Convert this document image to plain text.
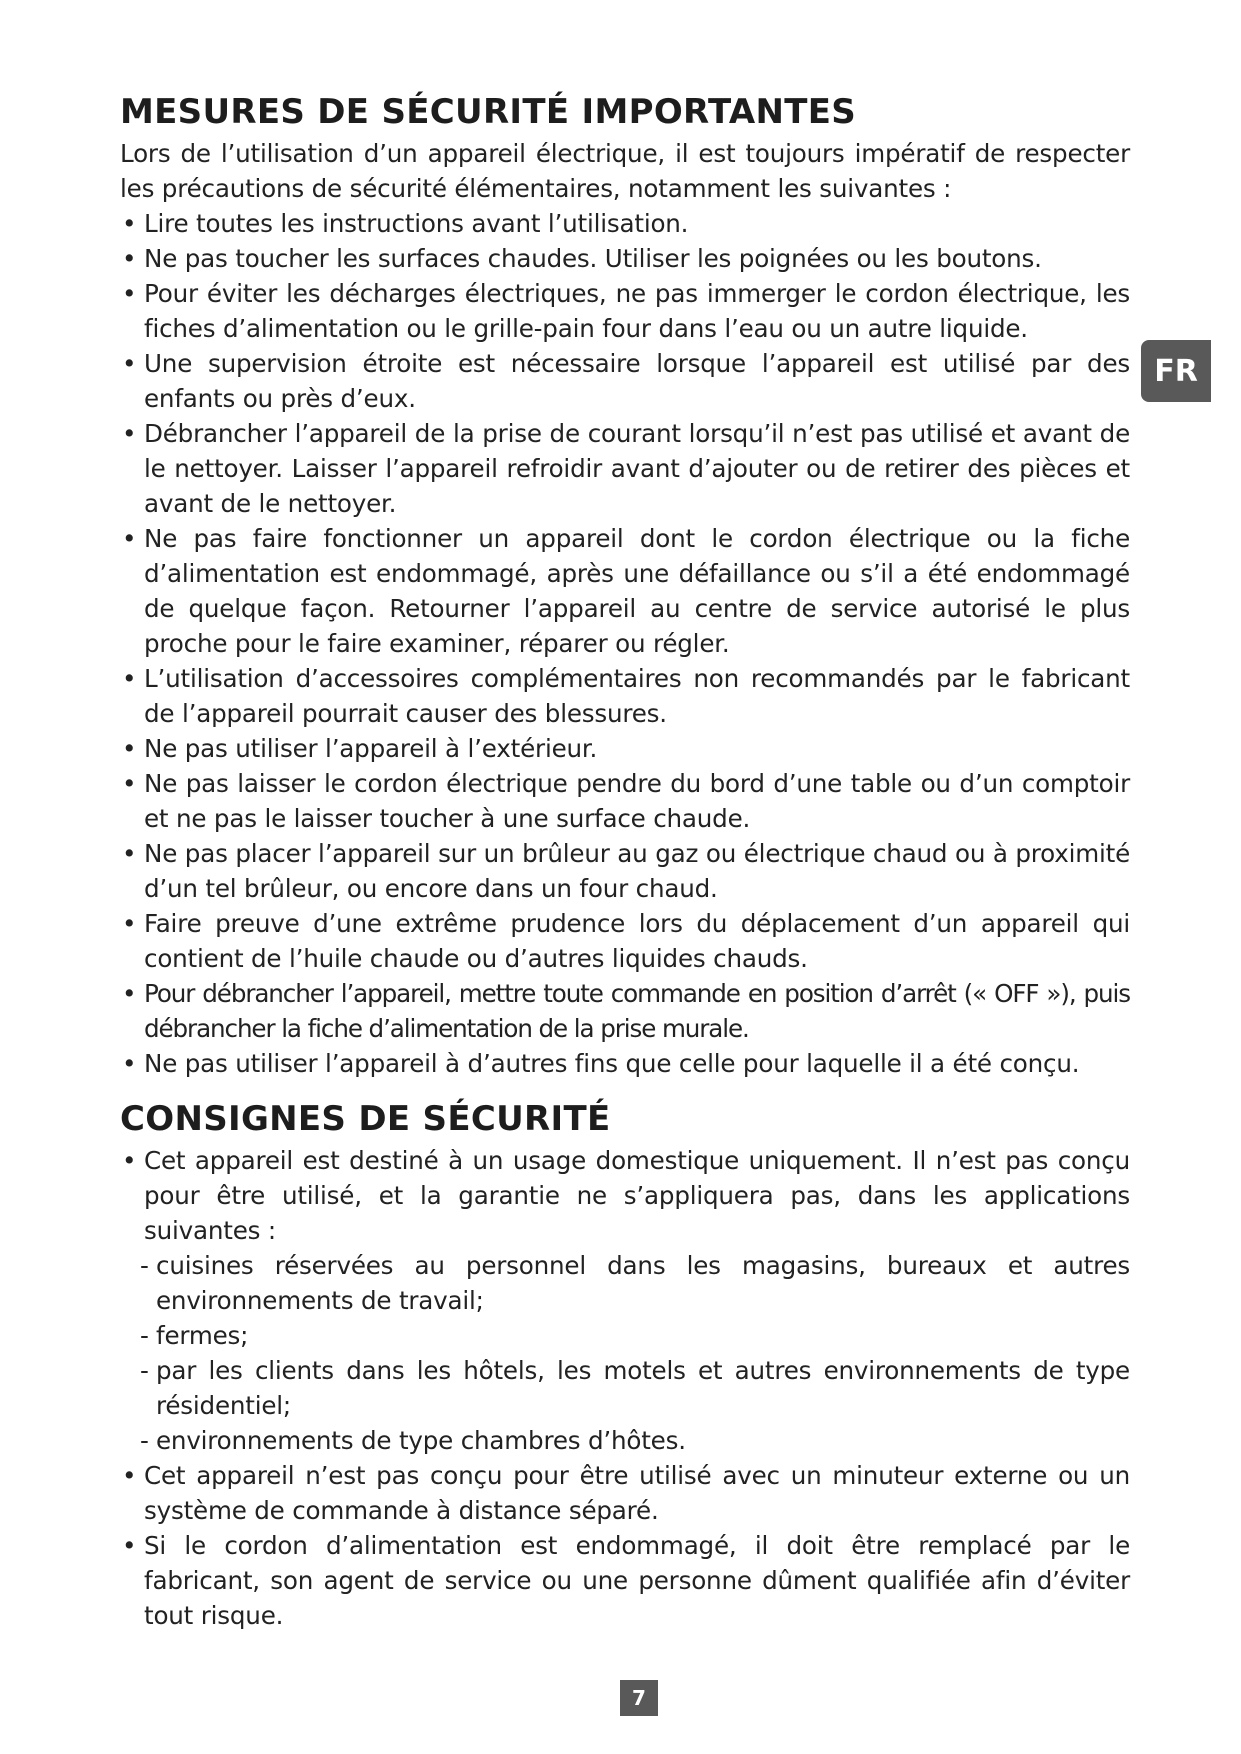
MESURES DE SÉCURITÉ IMPORTANTES

Lors de l’utilisation d’un appareil électrique, il est toujours impératif de respecter les précautions de sécurité élémentaires, notamment les suivantes :

• Lire toutes les instructions avant l’utilisation.
• Ne pas toucher les surfaces chaudes. Utiliser les poignées ou les boutons.
• Pour éviter les décharges électriques, ne pas immerger le cordon électrique, les fiches d’alimentation ou le grille-pain four dans l’eau ou un autre liquide.
• Une supervision étroite est nécessaire lorsque l’appareil est utilisé par des enfants ou près d’eux.
• Débrancher l’appareil de la prise de courant lorsqu’il n’est pas utilisé et avant de le nettoyer. Laisser l’appareil refroidir avant d’ajouter ou de retirer des pièces et avant de le nettoyer.
• Ne pas faire fonctionner un appareil dont le cordon électrique ou la fiche d’alimentation est endommagé, après une défaillance ou s’il a été endommagé de quelque façon. Retourner l’appareil au centre de service autorisé le plus proche pour le faire examiner, réparer ou régler.
• L’utilisation d’accessoires complémentaires non recommandés par le fabricant de l’appareil pourrait causer des blessures.
• Ne pas utiliser l’appareil à l’extérieur.
• Ne pas laisser le cordon électrique pendre du bord d’une table ou d’un comptoir et ne pas le laisser toucher à une surface chaude.
• Ne pas placer l’appareil sur un brûleur au gaz ou électrique chaud ou à proximité d’un tel brûleur, ou encore dans un four chaud.
• Faire preuve d’une extrême prudence lors du déplacement d’un appareil qui contient de l’huile chaude ou d’autres liquides chauds.
• Pour débrancher l’appareil, mettre toute commande en position d’arrêt (« OFF »), puis débrancher la fiche d’alimentation de la prise murale.
• Ne pas utiliser l’appareil à d’autres fins que celle pour laquelle il a été conçu.
CONSIGNES DE SÉCURITÉ
• Cet appareil est destiné à un usage domestique uniquement. Il n’est pas conçu pour être utilisé, et la garantie ne s’appliquera pas, dans les applications suivantes :
- cuisines réservées au personnel dans les magasins, bureaux et autres environnements de travail;
- fermes;
- par les clients dans les hôtels, les motels et autres environnements de type résidentiel;
- environnements de type chambres d’hôtes.
• Cet appareil n’est pas conçu pour être utilisé avec un minuteur externe ou un système de commande à distance séparé.
• Si le cordon d’alimentation est endommagé, il doit être remplacé par le fabricant, son agent de service ou une personne dûment qualifiée afin d’éviter tout risque.
FR
7
